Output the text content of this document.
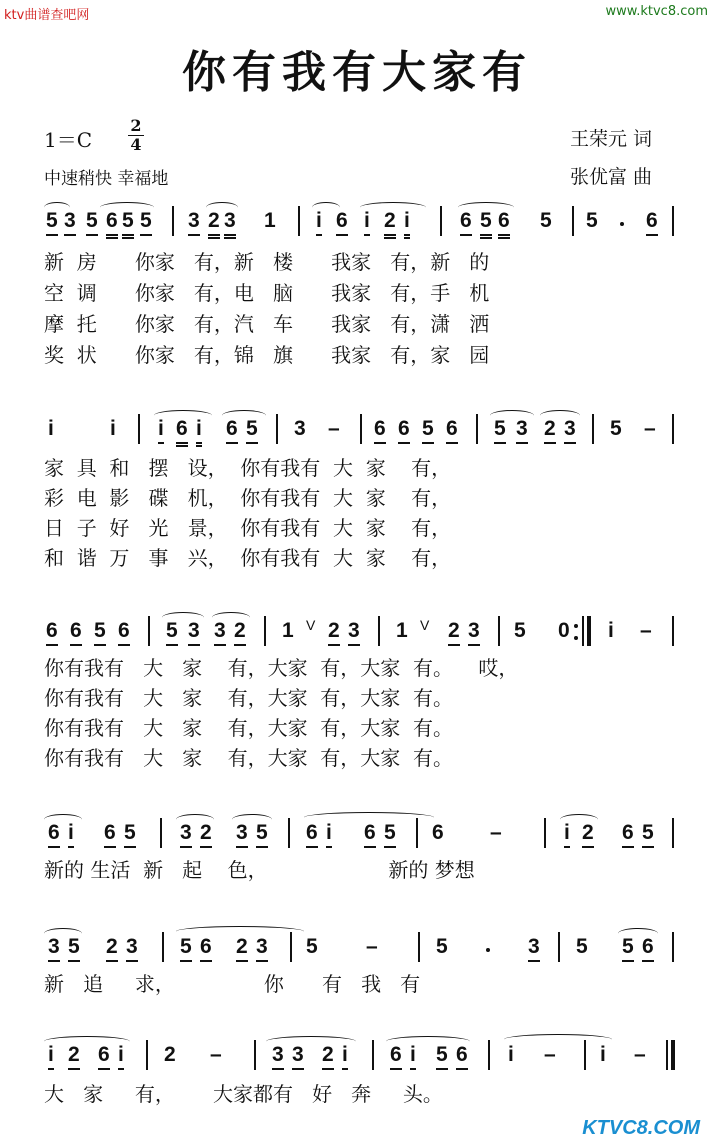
ktv曲谱查吧网	www.ktvc8.com
你有我有大家有
1＝C
2
4
中速稍快 幸福地
王荣元 词
张优富 曲
5 3 5 6 5 5 3 2 3 1 i 6 i 2 i 6 5 6 5 5 6
新  房      你家   有，新   楼      我家   有，新   的
空  调      你家   有，电   脑      我家   有，手   机
摩  托      你家   有，汽   车      我家   有，潇   洒
奖  状      你家   有，锦   旗      我家   有，家   园
i	i i 6 i 6 5 3 – 6 6 5 6 5 3 2 3 5 –
家  具  和   摆   设，  你有我有  大  家    有，
彩  电  影   碟   机，  你有我有  大  家    有，
日  子  好   光   景，  你有我有  大  家    有，
和  谐  万   事   兴，  你有我有  大  家    有，
6 6 5 6 5 3 3 2 1 V 2 3 1 V 2 3 5 0 i –
你有我有   大   家    有，大家  有，大家  有。    哎，
你有我有   大   家    有，大家  有，大家  有。
你有我有   大   家    有，大家  有，大家  有。
你有我有   大   家    有，大家  有，大家  有。
6 i 6 5 3 2 3 5 6 i 6 5 6 –	i 2 6 5
新的 生活  新   起    色，                   新的 梦想
3 5 2 3 5 6 2 3 5 –	5	3 5 5 6
新   追     求，              你      有   我   有
i 2 6 i 2 – 3 3 2 i 6 i 5 6 i – i –
大   家     有，      大家都有   好   奔     头。
KTVC8.COM
